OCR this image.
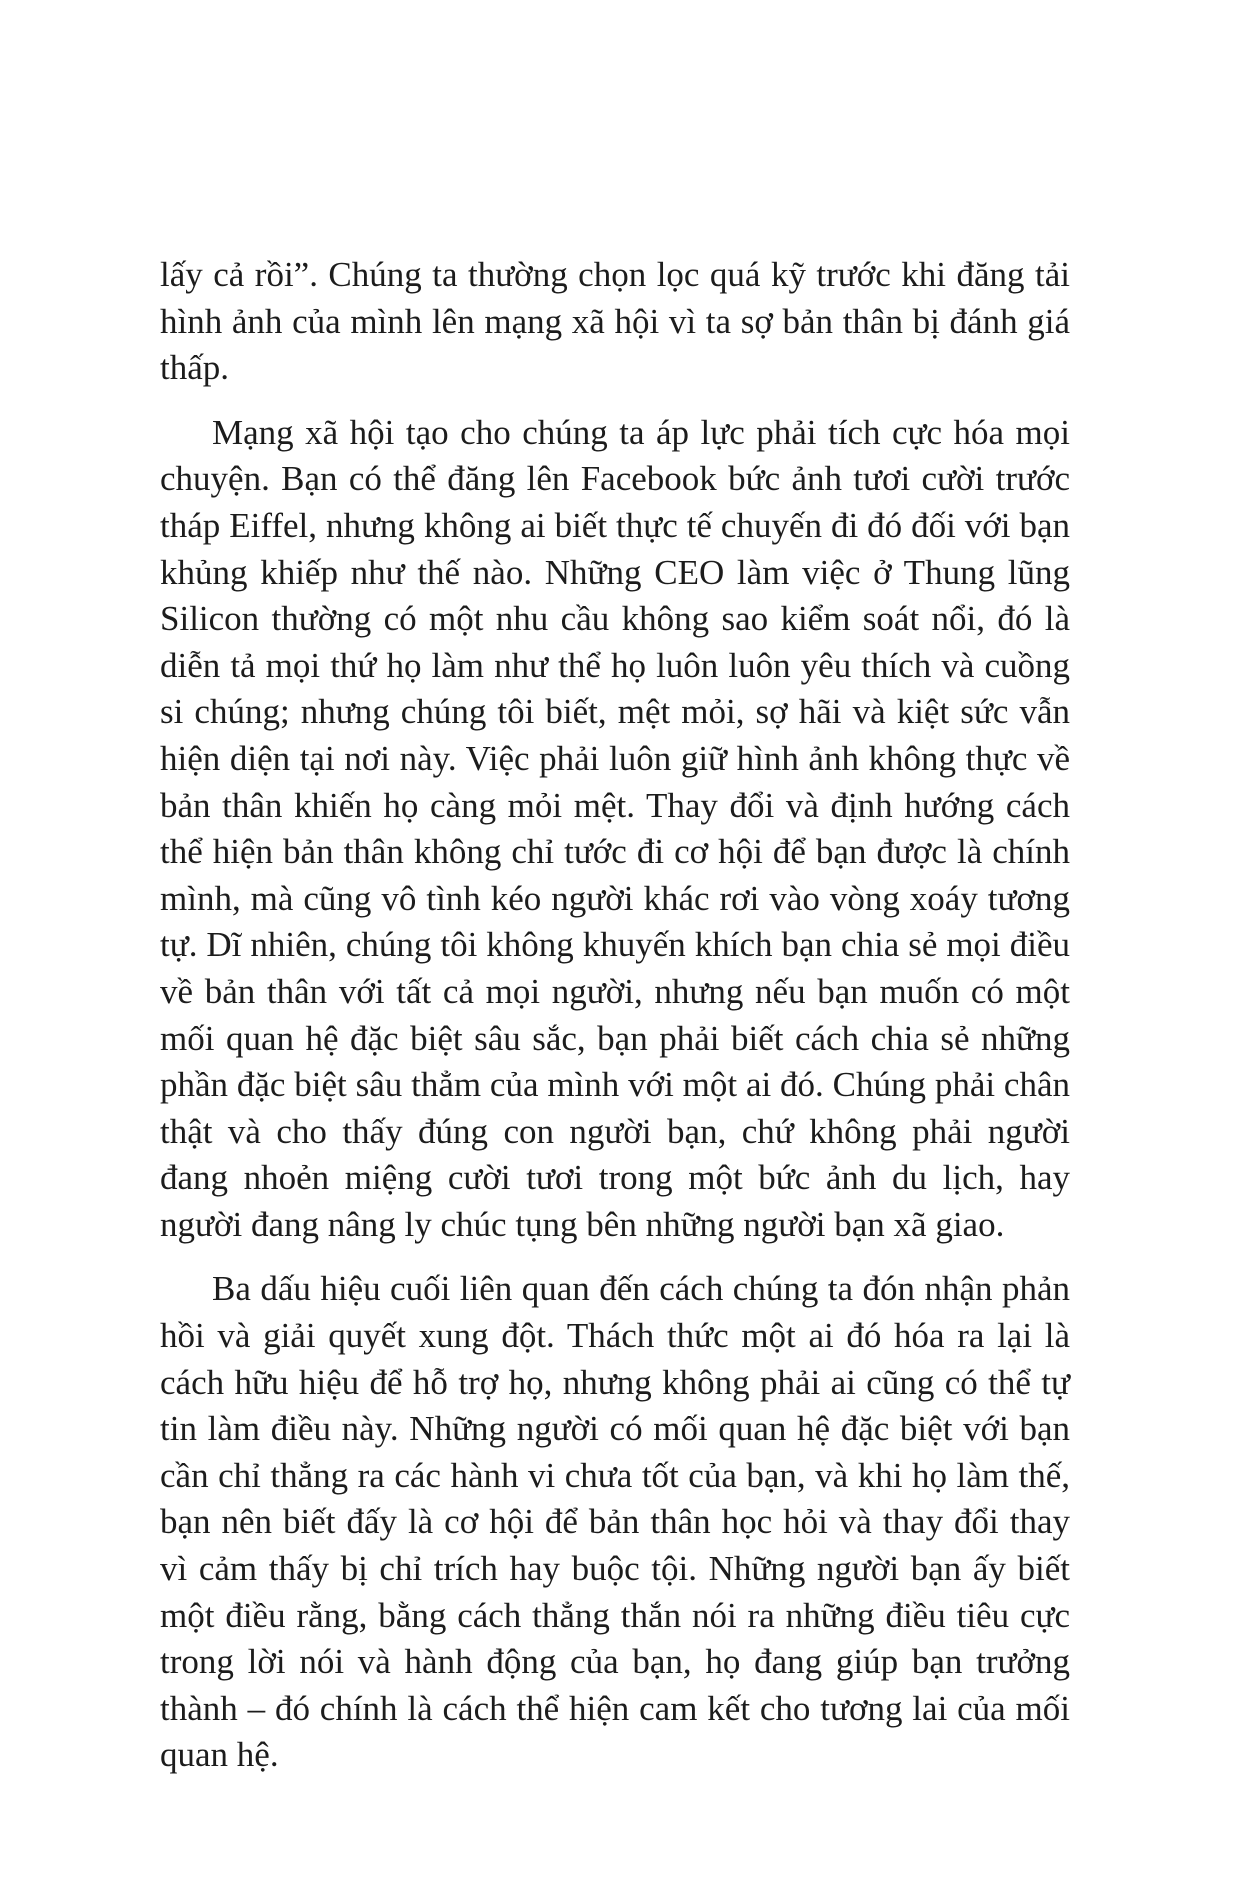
lấy cả rồi”. Chúng ta thường chọn lọc quá kỹ trước khi đăng tải hình ảnh của mình lên mạng xã hội vì ta sợ bản thân bị đánh giá thấp.

Mạng xã hội tạo cho chúng ta áp lực phải tích cực hóa mọi chuyện. Bạn có thể đăng lên Facebook bức ảnh tươi cười trước tháp Eiffel, nhưng không ai biết thực tế chuyến đi đó đối với bạn khủng khiếp như thế nào. Những CEO làm việc ở Thung lũng Silicon thường có một nhu cầu không sao kiểm soát nổi, đó là diễn tả mọi thứ họ làm như thể họ luôn luôn yêu thích và cuồng si chúng; nhưng chúng tôi biết, mệt mỏi, sợ hãi và kiệt sức vẫn hiện diện tại nơi này. Việc phải luôn giữ hình ảnh không thực về bản thân khiến họ càng mỏi mệt. Thay đổi và định hướng cách thể hiện bản thân không chỉ tước đi cơ hội để bạn được là chính mình, mà cũng vô tình kéo người khác rơi vào vòng xoáy tương tự. Dĩ nhiên, chúng tôi không khuyến khích bạn chia sẻ mọi điều về bản thân với tất cả mọi người, nhưng nếu bạn muốn có một mối quan hệ đặc biệt sâu sắc, bạn phải biết cách chia sẻ những phần đặc biệt sâu thẳm của mình với một ai đó. Chúng phải chân thật và cho thấy đúng con người bạn, chứ không phải người đang nhoẻn miệng cười tươi trong một bức ảnh du lịch, hay người đang nâng ly chúc tụng bên những người bạn xã giao.

Ba dấu hiệu cuối liên quan đến cách chúng ta đón nhận phản hồi và giải quyết xung đột. Thách thức một ai đó hóa ra lại là cách hữu hiệu để hỗ trợ họ, nhưng không phải ai cũng có thể tự tin làm điều này. Những người có mối quan hệ đặc biệt với bạn cần chỉ thẳng ra các hành vi chưa tốt của bạn, và khi họ làm thế, bạn nên biết đấy là cơ hội để bản thân học hỏi và thay đổi thay vì cảm thấy bị chỉ trích hay buộc tội. Những người bạn ấy biết một điều rằng, bằng cách thẳng thắn nói ra những điều tiêu cực trong lời nói và hành động của bạn, họ đang giúp bạn trưởng thành – đó chính là cách thể hiện cam kết cho tương lai của mối quan hệ.
